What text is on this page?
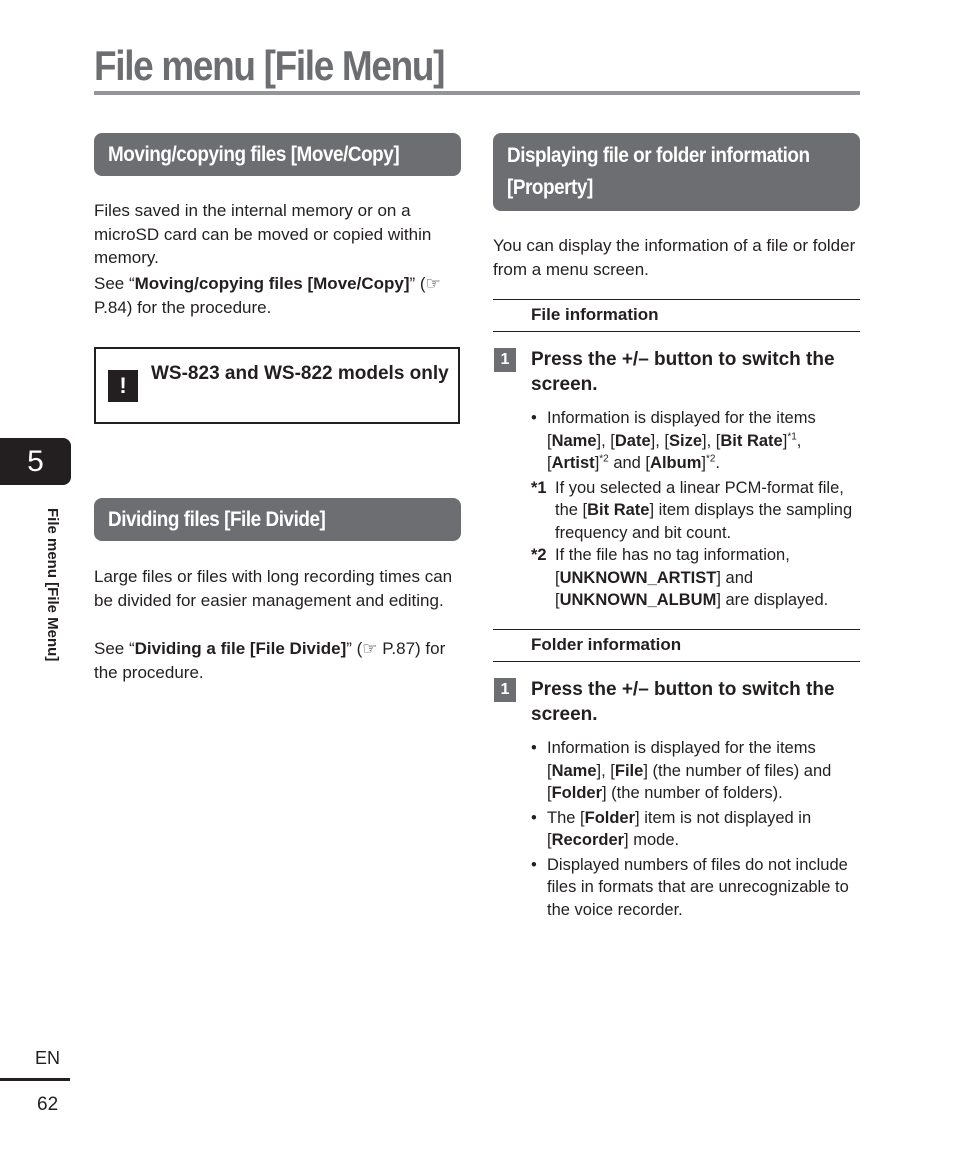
File menu [File Menu]
5
File menu [File Menu]
Moving/copying files [Move/Copy]

Files saved in the internal memory or on a microSD card can be moved or copied within memory.

See “Moving/copying files [Move/Copy]” (☞ P.84) for the procedure.

!	WS-823 and WS-822 models only
Dividing files [File Divide]

Large files or files with long recording times can be divided for easier management and editing.

See “Dividing a file [File Divide]” (☞ P.87) for the procedure.

Displaying file or folder information [Property]

You can display the information of a file or folder from a menu screen.

File information
1	Press the +/– button to switch the screen.
• Information is displayed for the items [Name], [Date], [Size], [Bit Rate]$^{*1}$, [Artist]$^{*2}$ and [Album]$^{*2}$.
*1 If you selected a linear PCM-format file, the [Bit Rate] item displays the sampling frequency and bit count.
*2 If the file has no tag information, [UNKNOWN_ARTIST] and [UNKNOWN_ALBUM] are displayed.
Folder information
1	Press the +/– button to switch the screen.
• Information is displayed for the items [Name], [File] (the number of files) and [Folder] (the number of folders).
• The [Folder] item is not displayed in [Recorder] mode.
• Displayed numbers of files do not include files in formats that are unrecognizable to the voice recorder.
EN
62
